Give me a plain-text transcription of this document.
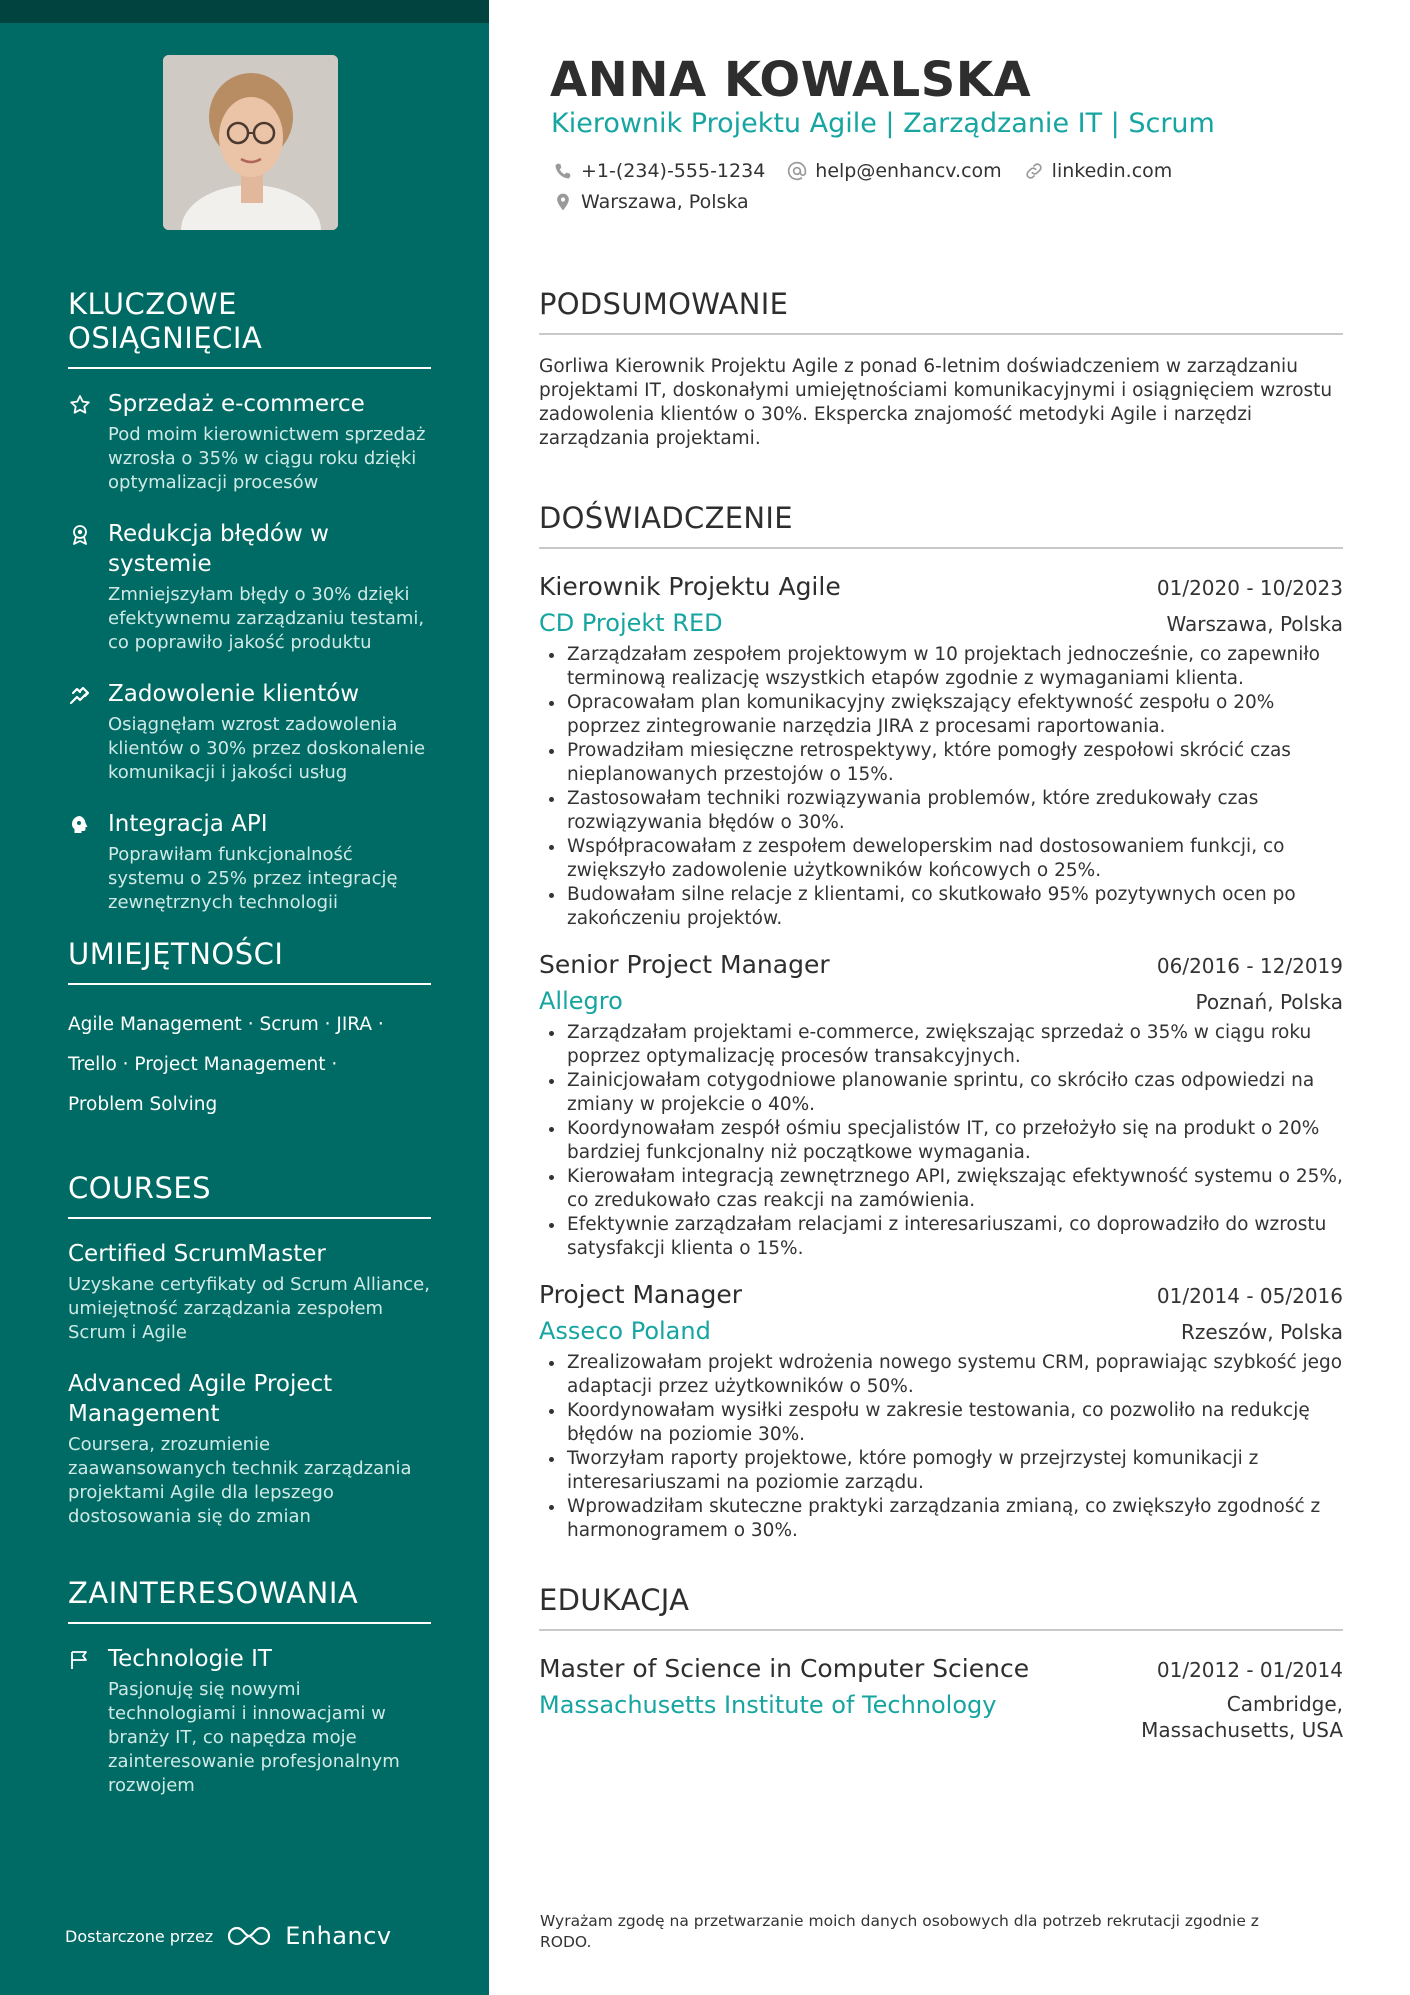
KLUCZOWE OSIĄGNIĘCIA
Sprzedaż e-commerce
Pod moim kierownictwem sprzedaż wzrosła o 35% w ciągu roku dzięki optymalizacji procesów
Redukcja błędów w systemie
Zmniejszyłam błędy o 30% dzięki efektywnemu zarządzaniu testami, co poprawiło jakość produktu
Zadowolenie klientów
Osiągnęłam wzrost zadowolenia klientów o 30% przez doskonalenie komunikacji i jakości usług
Integracja API
Poprawiłam funkcjonalność systemu o 25% przez integrację zewnętrznych technologii
UMIEJĘTNOŚCI
Agile Management · Scrum · JIRA ·
Trello · Project Management ·
Problem Solving
COURSES
Certified ScrumMaster
Uzyskane certyfikaty od Scrum Alliance, umiejętność zarządzania zespołem Scrum i Agile
Advanced Agile Project Management
Coursera, zrozumienie zaawansowanych technik zarządzania projektami Agile dla lepszego dostosowania się do zmian
ZAINTERESOWANIA
Technologie IT
Pasjonuję się nowymi technologiami i innowacjami w branży IT, co napędza moje zainteresowanie profesjonalnym rozwojem
Dostarczone przez	Enhancv
ANNA KOWALSKA
Kierownik Projektu Agile | Zarządzanie IT | Scrum
+1-(234)-555-1234	help@enhancv.com	linkedin.com
Warszawa, Polska
PODSUMOWANIE
Gorliwa Kierownik Projektu Agile z ponad 6-letnim doświadczeniem w zarządzaniu projektami IT, doskonałymi umiejętnościami komunikacyjnymi i osiągnięciem wzrostu zadowolenia klientów o 30%. Ekspercka znajomość metodyki Agile i narzędzi zarządzania projektami.
DOŚWIADCZENIE
Kierownik Projektu Agile	01/2020 - 10/2023
CD Projekt RED	Warszawa, Polska
Zarządzałam zespołem projektowym w 10 projektach jednocześnie, co zapewniło terminową realizację wszystkich etapów zgodnie z wymaganiami klienta.
Opracowałam plan komunikacyjny zwiększający efektywność zespołu o 20% poprzez zintegrowanie narzędzia JIRA z procesami raportowania.
Prowadziłam miesięczne retrospektywy, które pomogły zespołowi skrócić czas nieplanowanych przestojów o 15%.
Zastosowałam techniki rozwiązywania problemów, które zredukowały czas rozwiązywania błędów o 30%.
Współpracowałam z zespołem deweloperskim nad dostosowaniem funkcji, co zwiększyło zadowolenie użytkowników końcowych o 25%.
Budowałam silne relacje z klientami, co skutkowało 95% pozytywnych ocen po zakończeniu projektów.
Senior Project Manager	06/2016 - 12/2019
Allegro	Poznań, Polska
Zarządzałam projektami e-commerce, zwiększając sprzedaż o 35% w ciągu roku poprzez optymalizację procesów transakcyjnych.
Zainicjowałam cotygodniowe planowanie sprintu, co skróciło czas odpowiedzi na zmiany w projekcie o 40%.
Koordynowałam zespół ośmiu specjalistów IT, co przełożyło się na produkt o 20% bardziej funkcjonalny niż początkowe wymagania.
Kierowałam integracją zewnętrznego API, zwiększając efektywność systemu o 25%, co zredukowało czas reakcji na zamówienia.
Efektywnie zarządzałam relacjami z interesariuszami, co doprowadziło do wzrostu satysfakcji klienta o 15%.
Project Manager	01/2014 - 05/2016
Asseco Poland	Rzeszów, Polska
Zrealizowałam projekt wdrożenia nowego systemu CRM, poprawiając szybkość jego adaptacji przez użytkowników o 50%.
Koordynowałam wysiłki zespołu w zakresie testowania, co pozwoliło na redukcję błędów na poziomie 30%.
Tworzyłam raporty projektowe, które pomogły w przejrzystej komunikacji z interesariuszami na poziomie zarządu.
Wprowadziłam skuteczne praktyki zarządzania zmianą, co zwiększyło zgodność z harmonogramem o 30%.
EDUKACJA
Master of Science in Computer Science	01/2012 - 01/2014
Massachusetts Institute of Technology	Cambridge,
Massachusetts, USA
Wyrażam zgodę na przetwarzanie moich danych osobowych dla potrzeb rekrutacji zgodnie z RODO.
